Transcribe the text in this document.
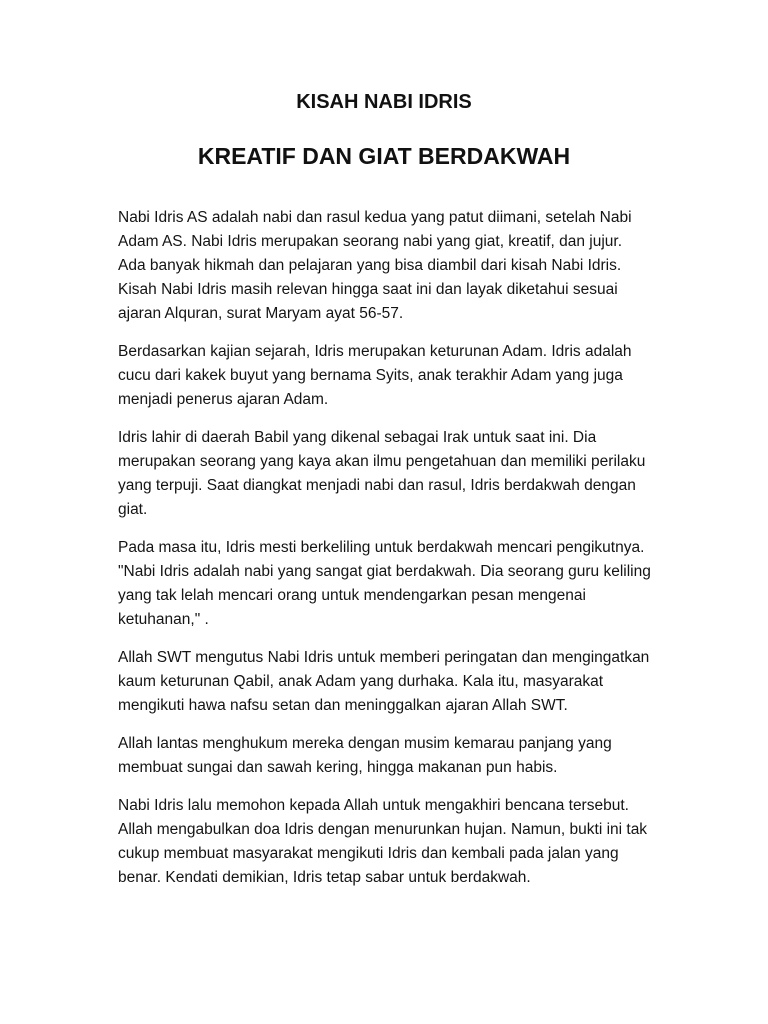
KISAH NABI IDRIS
KREATIF DAN GIAT BERDAKWAH

Nabi Idris AS adalah nabi dan rasul kedua yang patut diimani, setelah Nabi Adam AS. Nabi Idris merupakan seorang nabi yang giat, kreatif, dan jujur. Ada banyak hikmah dan pelajaran yang bisa diambil dari kisah Nabi Idris. Kisah Nabi Idris masih relevan hingga saat ini dan layak diketahui sesuai ajaran Alquran, surat Maryam ayat 56-57.

Berdasarkan kajian sejarah, Idris merupakan keturunan Adam. Idris adalah cucu dari kakek buyut yang bernama Syits, anak terakhir Adam yang juga menjadi penerus ajaran Adam.

Idris lahir di daerah Babil yang dikenal sebagai Irak untuk saat ini. Dia merupakan seorang yang kaya akan ilmu pengetahuan dan memiliki perilaku yang terpuji. Saat diangkat menjadi nabi dan rasul, Idris berdakwah dengan giat.

Pada masa itu, Idris mesti berkeliling untuk berdakwah mencari pengikutnya. "Nabi Idris adalah nabi yang sangat giat berdakwah. Dia seorang guru keliling yang tak lelah mencari orang untuk mendengarkan pesan mengenai ketuhanan," .

Allah SWT mengutus Nabi Idris untuk memberi peringatan dan mengingatkan kaum keturunan Qabil, anak Adam yang durhaka. Kala itu, masyarakat mengikuti hawa nafsu setan dan meninggalkan ajaran Allah SWT.

Allah lantas menghukum mereka dengan musim kemarau panjang yang membuat sungai dan sawah kering, hingga makanan pun habis.

Nabi Idris lalu memohon kepada Allah untuk mengakhiri bencana tersebut. Allah mengabulkan doa Idris dengan menurunkan hujan. Namun, bukti ini tak cukup membuat masyarakat mengikuti Idris dan kembali pada jalan yang benar. Kendati demikian, Idris tetap sabar untuk berdakwah.
